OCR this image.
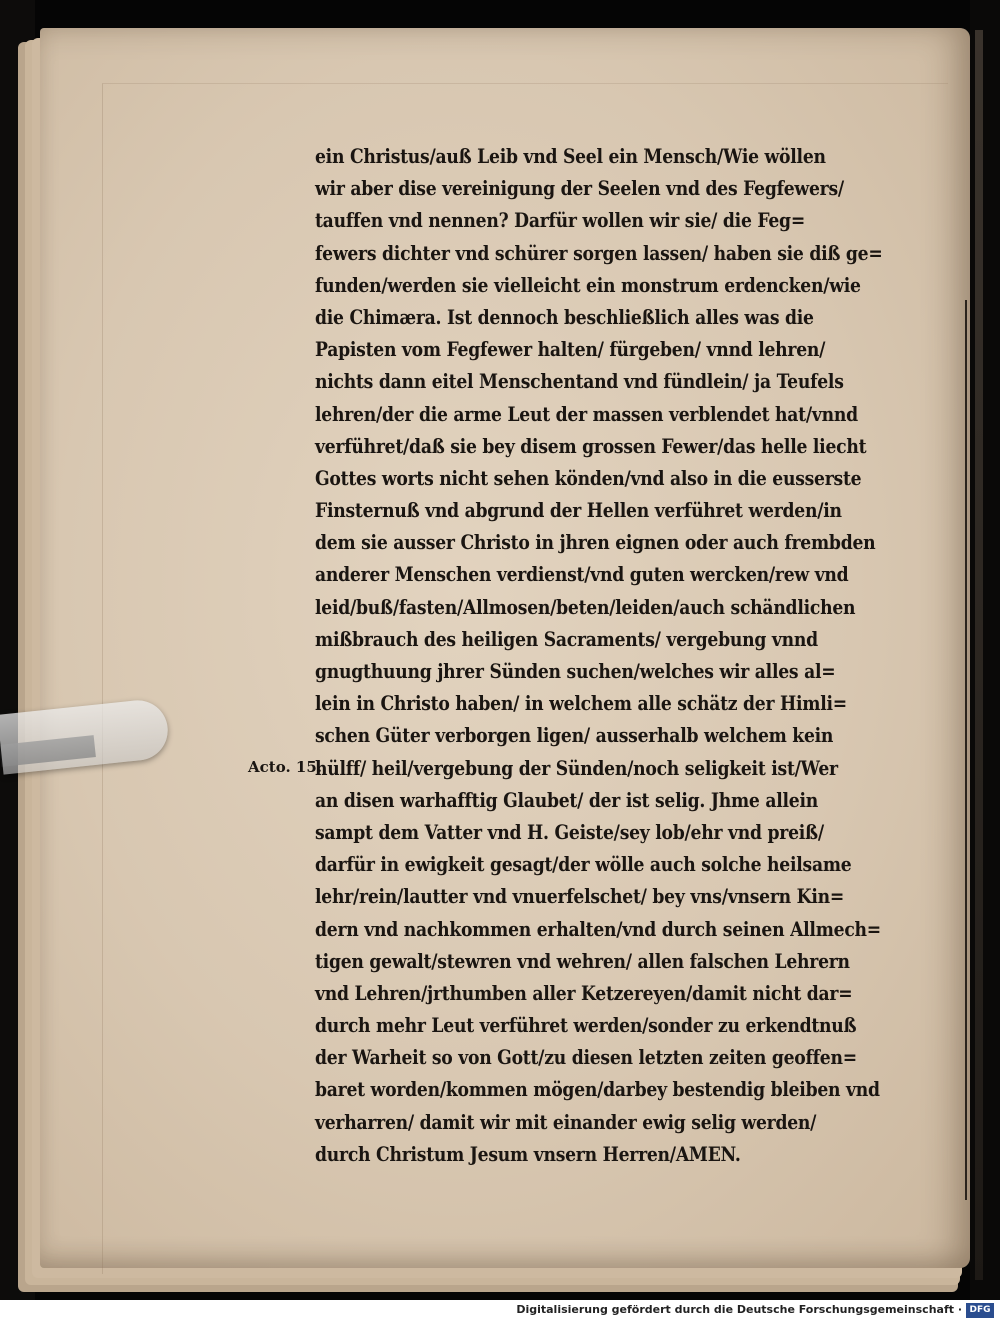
Acto. 15.
ein Christus/auß Leib vnd Seel ein Mensch/Wie wöllen
wir aber dise vereinigung der Seelen vnd des Fegfewers/
tauffen vnd nennen? Darfür wollen wir sie/ die Feg=
fewers dichter vnd schürer sorgen lassen/ haben sie diß ge=
funden/werden sie vielleicht ein monstrum erdencken/wie
die Chimæra. Ist dennoch beschließlich alles was die
Papisten vom Fegfewer halten/ fürgeben/ vnnd lehren/
nichts dann eitel Menschentand vnd fündlein/ ja Teufels
lehren/der die arme Leut der massen verblendet hat/vnnd
verführet/daß sie bey disem grossen Fewer/das helle liecht
Gottes worts nicht sehen könden/vnd also in die eusserste
Finsternuß vnd abgrund der Hellen verführet werden/in
dem sie ausser Christo in jhren eignen oder auch frembden
anderer Menschen verdienst/vnd guten wercken/rew vnd
leid/buß/fasten/Allmosen/beten/leiden/auch schändlichen
mißbrauch des heiligen Sacraments/ vergebung vnnd
gnugthuung jhrer Sünden suchen/welches wir alles al=
lein in Christo haben/ in welchem alle schätz der Himli=
schen Güter verborgen ligen/ ausserhalb welchem kein
hülff/ heil/vergebung der Sünden/noch seligkeit ist/Wer
an disen warhafftig Glaubet/ der ist selig. Jhme allein
sampt dem Vatter vnd H. Geiste/sey lob/ehr vnd preiß/
darfür in ewigkeit gesagt/der wölle auch solche heilsame
lehr/rein/lautter vnd vnuerfelschet/ bey vns/vnsern Kin=
dern vnd nachkommen erhalten/vnd durch seinen Allmech=
tigen gewalt/stewren vnd wehren/ allen falschen Lehrern
vnd Lehren/jrthumben aller Ketzereyen/damit nicht dar=
durch mehr Leut verführet werden/sonder zu erkendtnuß
der Warheit so von Gott/zu diesen letzten zeiten geoffen=
baret worden/kommen mögen/darbey bestendig bleiben vnd
verharren/ damit wir mit einander ewig selig werden/
durch Christum Jesum vnsern Herren/AMEN.
Digitalisierung gefördert durch die Deutsche Forschungsgemeinschaft · DFG
